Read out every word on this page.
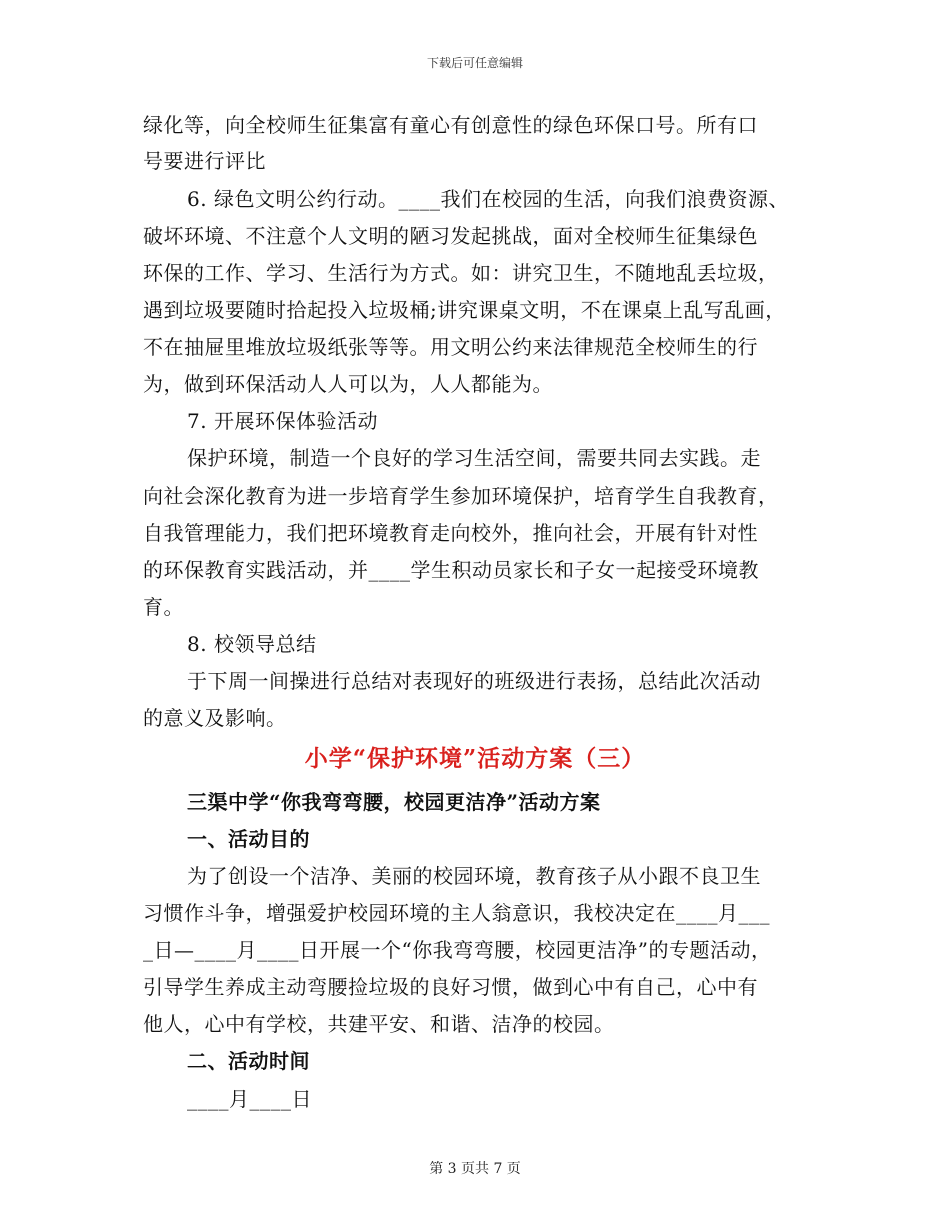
下载后可任意编辑

绿化等，向全校师生征集富有童心有创意性的绿色环保口号。所有口

号要进行评比

6. 绿色文明公约行动。____我们在校园的生活，向我们浪费资源、

破坏环境、不注意个人文明的陋习发起挑战，面对全校师生征集绿色

环保的工作、学习、生活行为方式。如：讲究卫生，不随地乱丢垃圾，

遇到垃圾要随时拾起投入垃圾桶;讲究课桌文明，不在课桌上乱写乱画，

不在抽屉里堆放垃圾纸张等等。用文明公约来法律规范全校师生的行

为，做到环保活动人人可以为，人人都能为。

7. 开展环保体验活动

保护环境，制造一个良好的学习生活空间，需要共同去实践。走

向社会深化教育为进一步培育学生参加环境保护，培育学生自我教育，

自我管理能力，我们把环境教育走向校外，推向社会，开展有针对性

的环保教育实践活动，并____学生积动员家长和子女一起接受环境教

育。

8. 校领导总结

于下周一间操进行总结对表现好的班级进行表扬，总结此次活动

的意义及影响。

小学“保护环境”活动方案（三）

三渠中学“你我弯弯腰，校园更洁净”活动方案

一、活动目的

为了创设一个洁净、美丽的校园环境，教育孩子从小跟不良卫生

习惯作斗争，增强爱护校园环境的主人翁意识，我校决定在____月___

_日—____月____日开展一个“你我弯弯腰，校园更洁净”的专题活动，

引导学生养成主动弯腰捡垃圾的良好习惯，做到心中有自己，心中有

他人，心中有学校，共建平安、和谐、洁净的校园。

二、活动时间

____月____日

第 3 页共 7 页
